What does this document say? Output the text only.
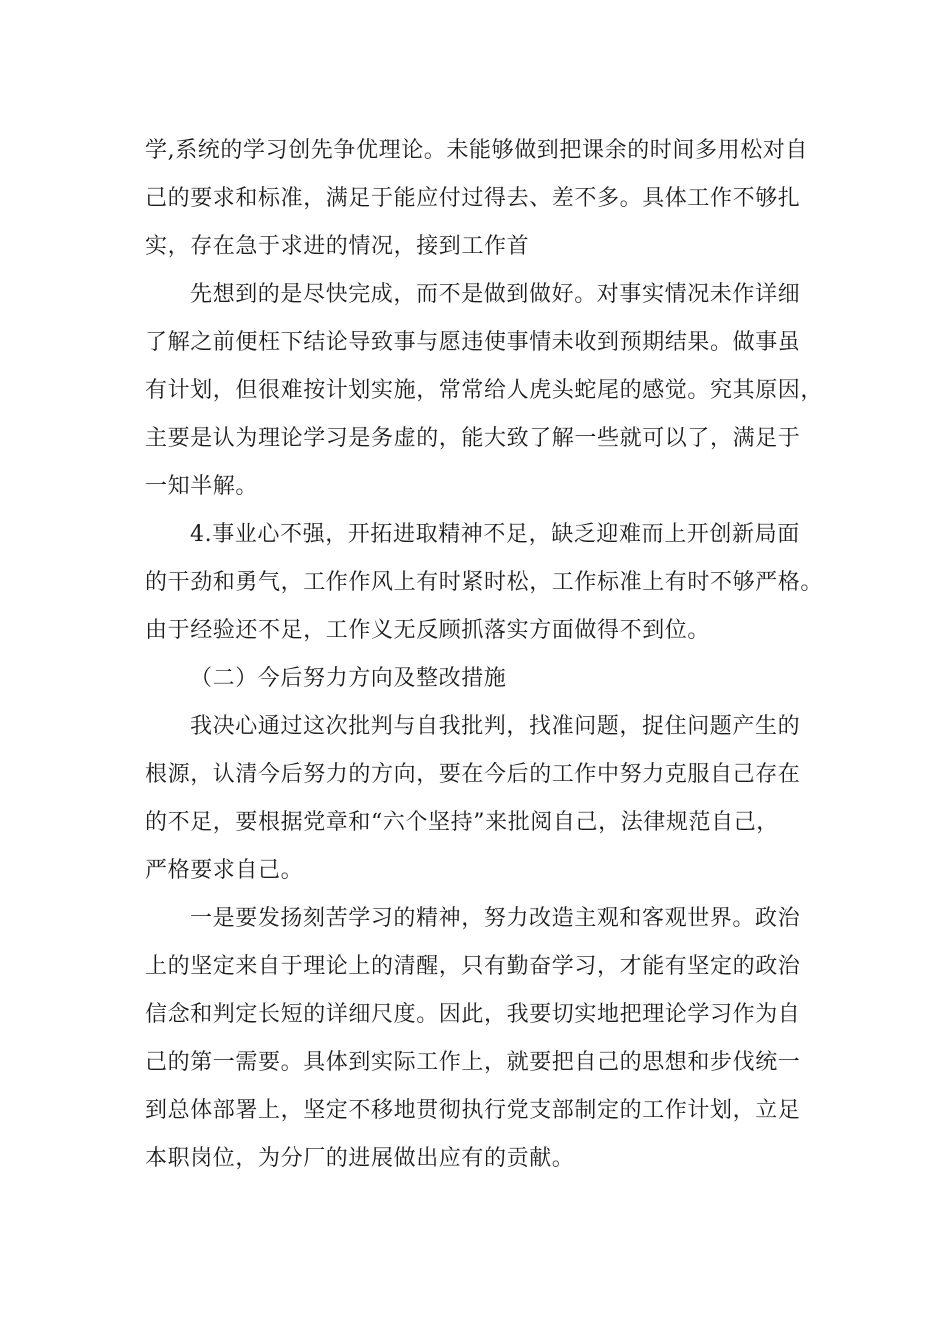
学,系统的学习创先争优理论。未能够做到把课余的时间多用松对自
己的要求和标准，满足于能应付过得去、差不多。具体工作不够扎
实，存在急于求进的情况，接到工作首
先想到的是尽快完成，而不是做到做好。对事实情况未作详细
了解之前便枉下结论导致事与愿违使事情未收到预期结果。做事虽
有计划，但很难按计划实施，常常给人虎头蛇尾的感觉。究其原因，
主要是认为理论学习是务虚的，能大致了解一些就可以了，满足于
一知半解。
4.事业心不强，开拓进取精神不足，缺乏迎难而上开创新局面
的干劲和勇气，工作作风上有时紧时松，工作标准上有时不够严格。
由于经验还不足，工作义无反顾抓落实方面做得不到位。
（二）今后努力方向及整改措施
我决心通过这次批判与自我批判，找准问题，捉住问题产生的
根源，认清今后努力的方向，要在今后的工作中努力克服自己存在
的不足，要根据党章和“六个坚持”来批阅自己，法律规范自己，
严格要求自己。
一是要发扬刻苦学习的精神，努力改造主观和客观世界。政治
上的坚定来自于理论上的清醒，只有勤奋学习，才能有坚定的政治
信念和判定长短的详细尺度。因此，我要切实地把理论学习作为自
己的第一需要。具体到实际工作上，就要把自己的思想和步伐统一
到总体部署上，坚定不移地贯彻执行党支部制定的工作计划，立足
本职岗位，为分厂的进展做出应有的贡献。
